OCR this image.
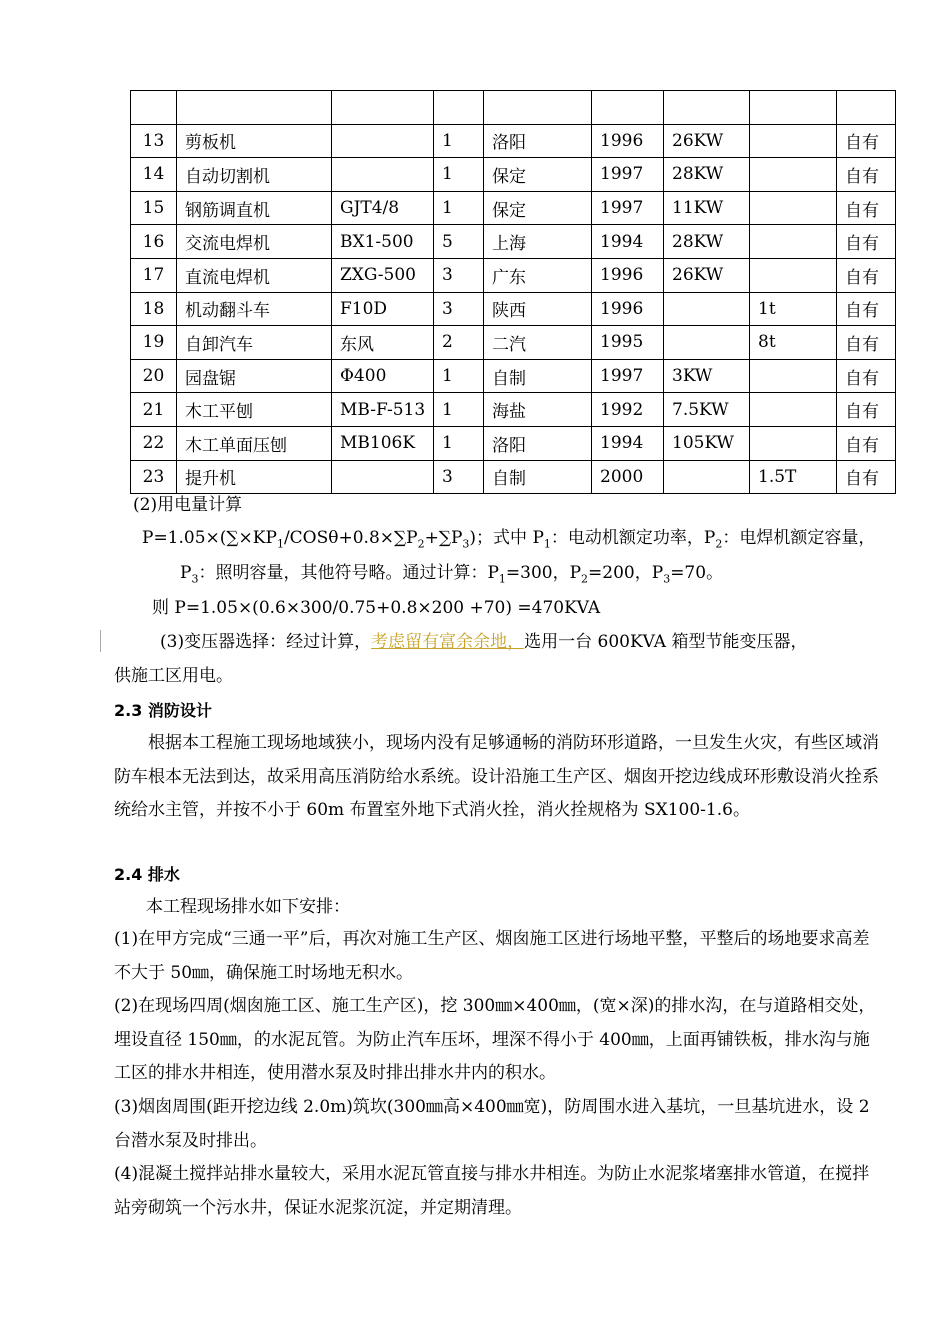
13	剪板机		1	洛阳	1996	26KW		自有
14	自动切割机		1	保定	1997	28KW		自有
15	钢筋调直机	GJT4/8	1	保定	1997	11KW		自有
16	交流电焊机	BX1-500	5	上海	1994	28KW		自有
17	直流电焊机	ZXG-500	3	广东	1996	26KW		自有
18	机动翻斗车	F10D	3	陕西	1996		1t	自有
19	自卸汽车	东风	2	二汽	1995		8t	自有
20	园盘锯	Φ400	1	自制	1997	3KW		自有
21	木工平刨	MB-F-513	1	海盐	1992	7.5KW		自有
22	木工单面压刨	MB106K	1	洛阳	1994	105KW		自有
23	提升机		3	自制	2000		1.5T	自有
(2)用电量计算
$P=1.05\times(\sum\times KP_1/COS\theta+0.8\times\sum P_2+\sum P_3)$；式中 $P_1$：电动机额定功率，$P_2$：电焊机额定容量，
$P_3$：照明容量，其他符号略。通过计算：$P_1=300$，$P_2=200$，$P_3=70$。
则 P=1.05×(0.6×300/0.75+0.8×200 +70) =470KVA
(3)变压器选择：经过计算，考虑留有富余余地，选用一台 600KVA 箱型节能变压器，
供施工区用电。
2.3 消防设计
根据本工程施工现场地域狭小，现场内没有足够通畅的消防环形道路，一旦发生火灾，有些区域消防车根本无法到达，故采用高压消防给水系统。设计沿施工生产区、烟囱开挖边线成环形敷设消火拴系统给水主管，并按不小于 60m 布置室外地下式消火拴，消火拴规格为 SX100-1.6。
2.4 排水
本工程现场排水如下安排：
(1)在甲方完成“三通一平”后，再次对施工生产区、烟囱施工区进行场地平整，平整后的场地要求高差不大于 50㎜，确保施工时场地无积水。
(2)在现场四周(烟囱施工区、施工生产区)，挖 300㎜×400㎜，(宽×深)的排水沟，在与道路相交处，埋设直径 150㎜，的水泥瓦管。为防止汽车压坏，埋深不得小于 400㎜，上面再铺铁板，排水沟与施工区的排水井相连，使用潜水泵及时排出排水井内的积水。
(3)烟囱周围(距开挖边线 2.0m)筑坎(300㎜高×400㎜宽)，防周围水进入基坑，一旦基坑进水，设 2 台潜水泵及时排出。
(4)混凝土搅拌站排水量较大，采用水泥瓦管直接与排水井相连。为防止水泥浆堵塞排水管道，在搅拌站旁砌筑一个污水井，保证水泥浆沉淀，并定期清理。
